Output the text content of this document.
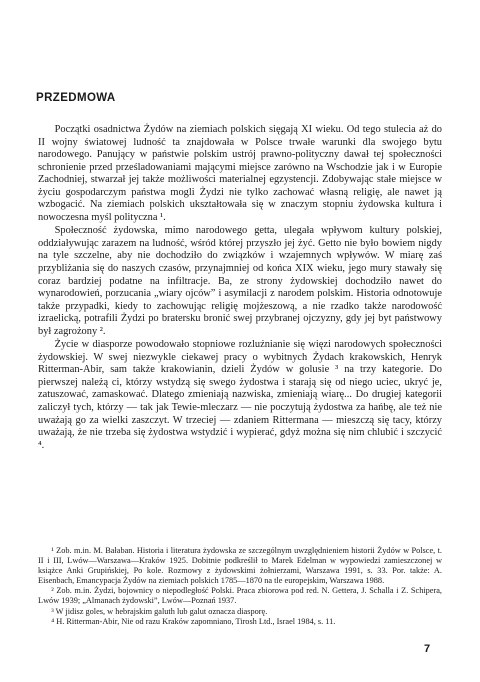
PRZEDMOWA

Początki osadnictwa Żydów na ziemiach polskich sięgają XI wieku. Od tego stulecia aż do II wojny światowej ludność ta znajdowała w Polsce trwałe warunki dla swojego bytu narodowego. Panujący w państwie polskim ustrój prawno-polityczny dawał tej społeczności schronienie przed prześladowaniami mającymi miejsce zarówno na Wschodzie jak i w Europie Zachodniej, stwarzał jej także możliwości materialnej egzystencji. Zdobywając stałe miejsce w życiu gospodarczym państwa mogli Żydzi nie tylko zachować własną religię, ale nawet ją wzbogacić. Na ziemiach polskich ukształtowała się w znaczym stopniu żydowska kultura i nowoczesna myśl polityczna ¹.

Społeczność żydowska, mimo narodowego getta, ulegała wpływom kultury polskiej, oddziaływując zarazem na ludność, wśród której przyszło jej żyć. Getto nie było bowiem nigdy na tyle szczelne, aby nie dochodziło do związków i wzajemnych wpływów. W miarę zaś przybliżania się do naszych czasów, przynajmniej od końca XIX wieku, jego mury stawały się coraz bardziej podatne na infiltracje. Ba, ze strony żydowskiej dochodziło nawet do wynarodowień, porzucania „wiary ojców” i asymilacji z narodem polskim. Historia odnotowuje także przypadki, kiedy to zachowując religię mojżeszową, a nie rzadko także narodowość izraelicką, potrafili Żydzi po bratersku bronić swej przybranej ojczyzny, gdy jej byt państwowy był zagrożony ².

Życie w diasporze powodowało stopniowe rozluźnianie się więzi narodowych społeczności żydowskiej. W swej niezwykle ciekawej pracy o wybitnych Żydach krakowskich, Henryk Ritterman-Abir, sam także krakowianin, dzieli Żydów w golusie ³ na trzy kategorie. Do pierwszej należą ci, którzy wstydzą się swego żydostwa i starają się od niego uciec, ukryć je, zatuszować, zamaskować. Dlatego zmieniają nazwiska, zmieniają wiarę... Do drugiej kategorii zaliczył tych, którzy — tak jak Tewie-mleczarz — nie poczytują żydostwa za hańbę, ale też nie uważają go za wielki zaszczyt. W trzeciej — zdaniem Rittermana — mieszczą się tacy, którzy uważają, że nie trzeba się żydostwa wstydzić i wypierać, gdyż można się nim chlubić i szczycić ⁴.

¹ Zob. m.in. M. Bałaban. Historia i literatura żydowska ze szczególnym uwzględnieniem historii Żydów w Polsce, t. II i III, Lwów—Warszawa—Kraków 1925. Dobitnie podkreślił to Marek Edelman w wypowiedzi zamieszczonej w książce Anki Grupińskiej, Po kole. Rozmowy z żydowskimi żołnierzami, Warszawa 1991, s. 33. Por. także: A. Eisenbach, Emancypacja Żydów na ziemiach polskich 1785—1870 na tle europejskim, Warszawa 1988.

² Zob. m.in. Żydzi, bojownicy o niepodległość Polski. Praca zbiorowa pod red. N. Gettera, J. Schalla i Z. Schipera, Lwów 1939; „Almanach żydowski”, Lwów—Poznań 1937.

³ W jidisz goles, w hebrajskim galuth lub galut oznacza diasporę.

⁴ H. Ritterman-Abir, Nie od razu Kraków zapomniano, Tirosh Ltd., Israel 1984, s. 11.

7
